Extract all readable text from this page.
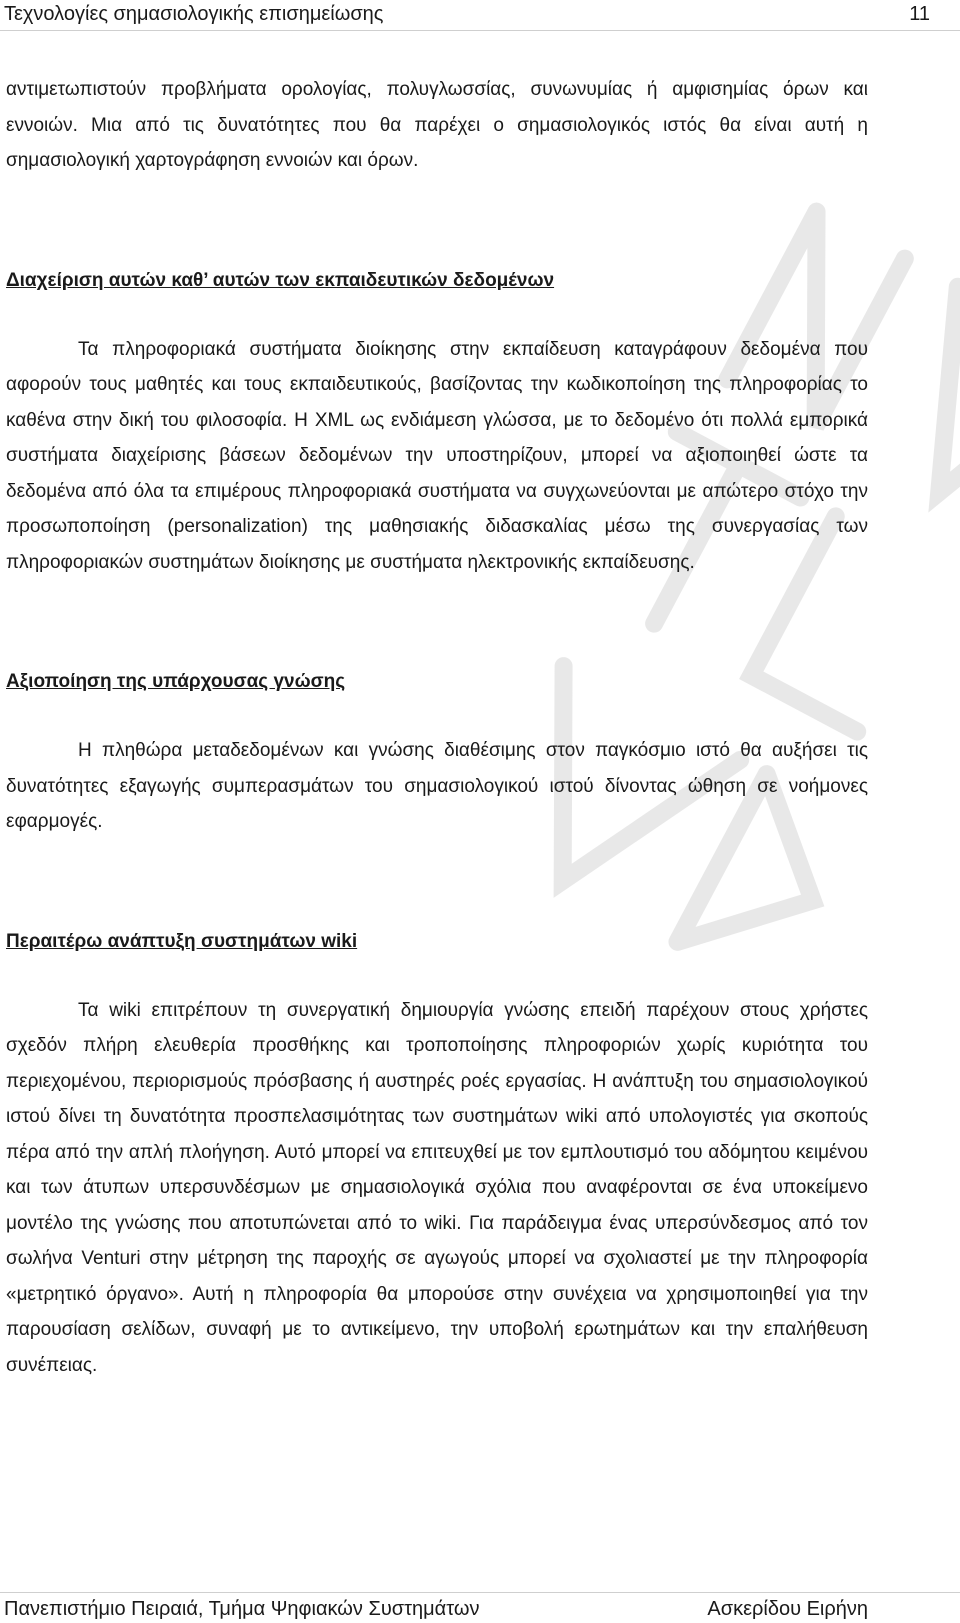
Τεχνολογίες σημασιολογικής επισημείωσης	11

αντιμετωπιστούν προβλήματα ορολογίας, πολυγλωσσίας, συνωνυμίας ή αμφισημίας όρων και εννοιών. Μια από τις δυνατότητες που θα παρέχει ο σημασιολογικός ιστός θα είναι αυτή η σημασιολογική χαρτογράφηση εννοιών και όρων.

Διαχείριση αυτών καθ’ αυτών των εκπαιδευτικών δεδομένων

Τα πληροφοριακά συστήματα διοίκησης στην εκπαίδευση καταγράφουν δεδομένα που αφορούν τους μαθητές και τους εκπαιδευτικούς, βασίζοντας την κωδικοποίηση της πληροφορίας το καθένα στην δική του φιλοσοφία. Η XML ως ενδιάμεση γλώσσα, με το δεδομένο ότι πολλά εμπορικά συστήματα διαχείρισης βάσεων δεδομένων την υποστηρίζουν, μπορεί να αξιοποιηθεί ώστε τα δεδομένα από όλα τα επιμέρους πληροφοριακά συστήματα να συγχωνεύονται με απώτερο στόχο την προσωποποίηση (personalization) της μαθησιακής διδασκαλίας μέσω της συνεργασίας των πληροφοριακών συστημάτων διοίκησης με συστήματα ηλεκτρονικής εκπαίδευσης.

Αξιοποίηση της υπάρχουσας γνώσης

Η πληθώρα μεταδεδομένων και γνώσης διαθέσιμης στον παγκόσμιο ιστό θα αυξήσει τις δυνατότητες εξαγωγής συμπερασμάτων του σημασιολογικού ιστού δίνοντας ώθηση σε νοήμονες εφαρμογές.

Περαιτέρω ανάπτυξη συστημάτων wiki

Τα wiki επιτρέπουν τη συνεργατική δημιουργία γνώσης επειδή παρέχουν στους χρήστες σχεδόν πλήρη ελευθερία προσθήκης και τροποποίησης πληροφοριών χωρίς κυριότητα του περιεχομένου, περιορισμούς πρόσβασης ή αυστηρές ροές εργασίας. Η ανάπτυξη του σημασιολογικού ιστού δίνει τη δυνατότητα προσπελασιμότητας των συστημάτων wiki από υπολογιστές για σκοπούς πέρα από την απλή πλοήγηση. Αυτό μπορεί να επιτευχθεί με τον εμπλουτισμό του αδόμητου κειμένου και των άτυπων υπερσυνδέσμων με σημασιολογικά σχόλια που αναφέρονται σε ένα υποκείμενο μοντέλο της γνώσης που αποτυπώνεται από το wiki. Για παράδειγμα ένας υπερσύνδεσμος από τον σωλήνα Venturi στην μέτρηση της παροχής σε αγωγούς μπορεί να σχολιαστεί με την πληροφορία «μετρητικό όργανο». Αυτή η πληροφορία θα μπορούσε στην συνέχεια να χρησιμοποιηθεί για την παρουσίαση σελίδων, συναφή με το αντικείμενο, την υποβολή ερωτημάτων και την επαλήθευση συνέπειας.

Πανεπιστήμιο Πειραιά, Τμήμα Ψηφιακών Συστημάτων	Ασκερίδου Ειρήνη
